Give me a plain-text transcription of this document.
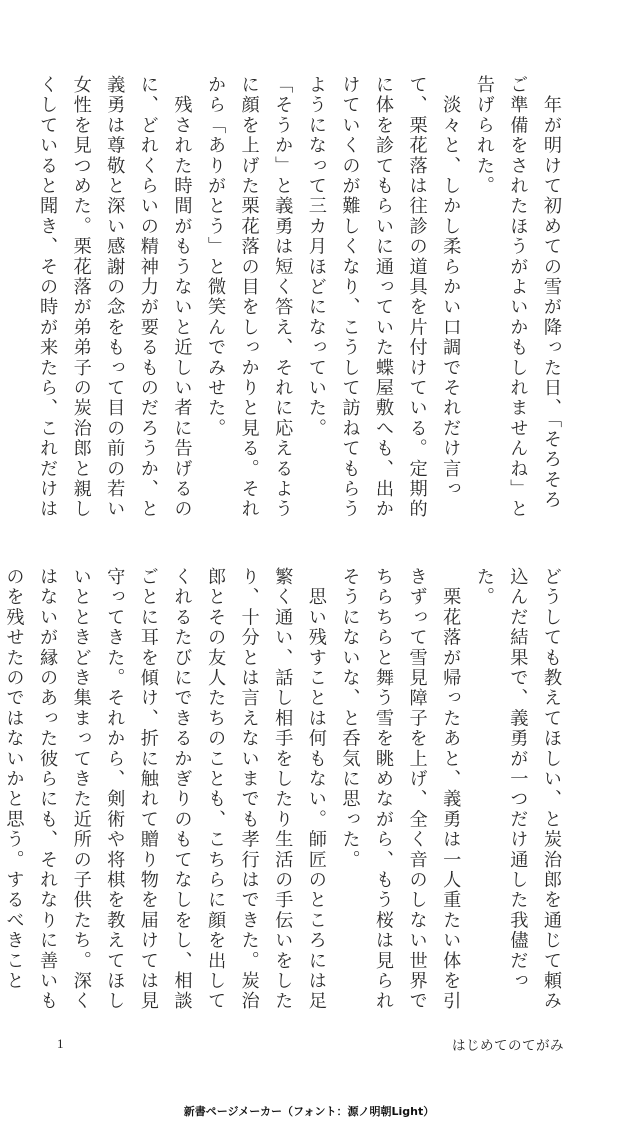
　年が明けて初めての雪が降った日、「そろそろご準備をされたほうがよいかもしれませんね」と告げられた。
　淡々と、しかし柔らかい口調でそれだけ言って、栗花落は往診の道具を片付けている。定期的に体を診てもらいに通っていた蝶屋敷へも、出かけていくのが難しくなり、こうして訪ねてもらうようになって三カ月ほどになっていた。
「そうか」と義勇は短く答え、それに応えるように顔を上げた栗花落の目をしっかりと見る。それから「ありがとう」と微笑んでみせた。
　残された時間がもうないと近しい者に告げるのに、どれくらいの精神力が要るものだろうか、と義勇は尊敬と深い感謝の念をもって目の前の若い女性を見つめた。栗花落が弟弟子の炭治郎と親しくしていると聞き、その時が来たら、これだけは
どうしても教えてほしい、と炭治郎を通じて頼み込んだ結果で、義勇が一つだけ通した我儘だった。
　栗花落が帰ったあと、義勇は一人重たい体を引きずって雪見障子を上げ、全く音のしない世界でちらちらと舞う雪を眺めながら、もう桜は見られそうにないな、と呑気に思った。
　思い残すことは何もない。師匠のところには足繁く通い、話し相手をしたり生活の手伝いをしたり、十分とは言えないまでも孝行はできた。炭治郎とその友人たちのことも、こちらに顔を出してくれるたびにできるかぎりのもてなしをし、相談ごとに耳を傾け、折に触れて贈り物を届けては見守ってきた。それから、剣術や将棋を教えてほしいとときどき集まってきた近所の子供たち。深くはないが縁のあった彼らにも、それなりに善いものを残せたのではないかと思う。するべきこと
1	はじめてのてがみ
新書ページメーカー（フォント：源ノ明朝Light）
